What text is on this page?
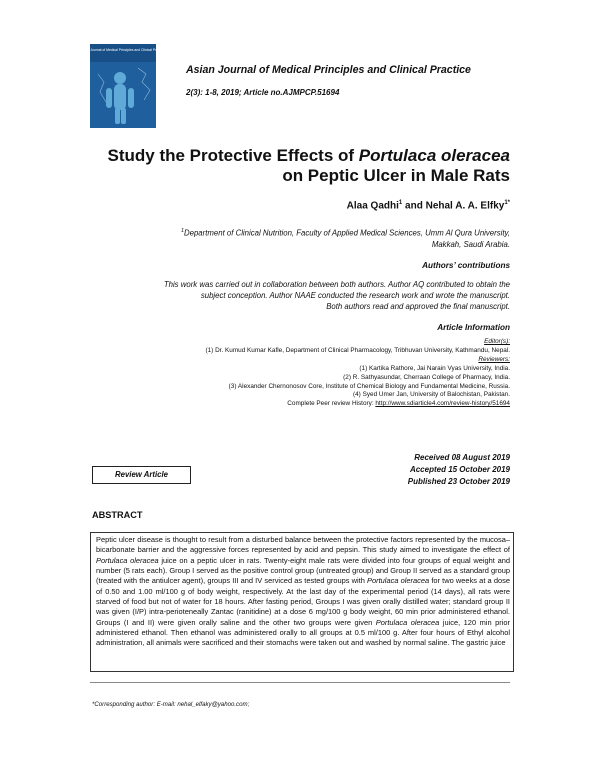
Asian Journal of Medical Principles and Clinical Practice
Asian Journal of Medical Principles and Clinical Practice
2(3): 1-8, 2019; Article no.AJMPCP.51694
Study the Protective Effects of Portulaca oleracea
on Peptic Ulcer in Male Rats
Alaa Qadhi$^1$ and Nehal A. A. Elfky$^{1*}$
$^1$Department of Clinical Nutrition, Faculty of Applied Medical Sciences, Umm Al Qura University,
Makkah, Saudi Arabia.
Authors’ contributions
This work was carried out in collaboration between both authors. Author AQ contributed to obtain the
subject conception. Author NAAE conducted the research work and wrote the manuscript.
Both authors read and approved the final manuscript.
Article Information
Editor(s):
(1) Dr. Kumud Kumar Kafle, Department of Clinical Pharmacology, Tribhuvan University, Kathmandu, Nepal.
Reviewers:
(1) Kartika Rathore, Jai Narain Vyas University, India.
(2) R. Sathyasundar, Cherraan College of Pharmacy, India.
(3) Alexander Chernonosov Core, Institute of Chemical Biology and Fundamental Medicine, Russia.
(4) Syed Umer Jan, University of Balochistan, Pakistan.
Complete Peer review History: http://www.sdiarticle4.com/review-history/51694
Review Article
Received 08 August 2019
Accepted 15 October 2019
Published 23 October 2019
ABSTRACT
Peptic ulcer disease is thought to result from a disturbed balance between the protective factors represented by the mucosa–bicarbonate barrier and the aggressive forces represented by acid and pepsin. This study aimed to investigate the effect of Portulaca oleracea juice on a peptic ulcer in rats. Twenty-eight male rats were divided into four groups of equal weight and number (5 rats each). Group I served as the positive control group (untreated group) and Group II served as a standard group (treated with the antiulcer agent), groups III and IV serviced as tested groups with Portulaca oleracea for two weeks at a dose of 0.50 and 1.00 ml/100 g of body weight, respectively. At the last day of the experimental period (14 days), all rats were starved of food but not of water for 18 hours. After fasting period, Groups I was given orally distilled water; standard group II was given (I/P) intra-perioteneally Zantac (ranitidine) at a dose 6 mg/100 g body weight, 60 min prior administered ethanol. Groups (I and II) were given orally saline and the other two groups were given Portulaca oleracea juice, 120 min prior administered ethanol. Then ethanol was administered orally to all groups at 0.5 ml/100 g. After four hours of Ethyl alcohol administration, all animals were sacrificed and their stomachs were taken out and washed by normal saline. The gastric juice
*Corresponding author: E-mail: nehal_elfaky@yahoo.com;
